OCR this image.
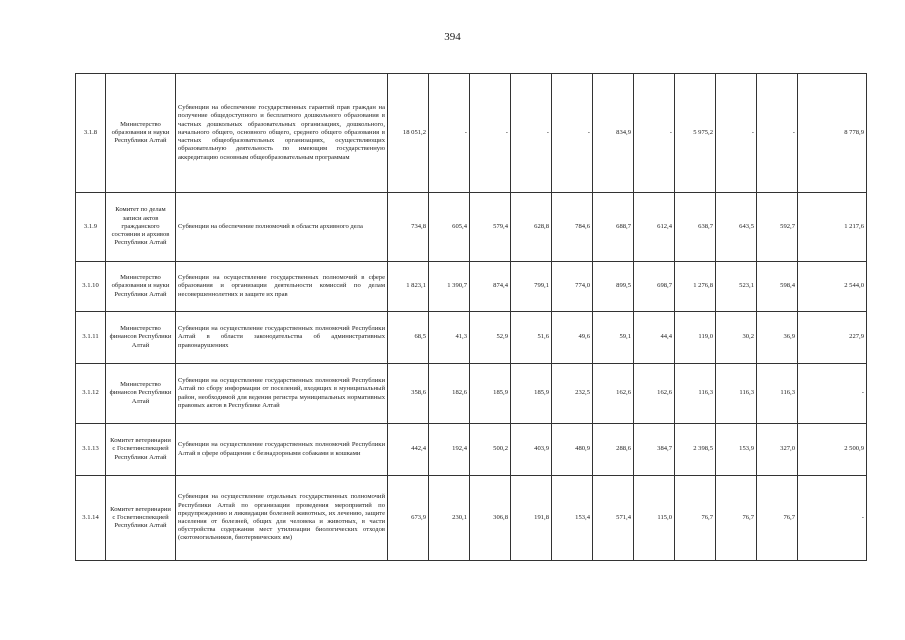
394
3.1.8	Министерство образования и науки Республики Алтай	Субвенции на обеспечение государственных гарантий прав граждан на получение общедоступного и бесплатного дошкольного образования в частных дошкольных образовательных организациях, дошкольного, начального общего, основного общего, среднего общего образования в частных общеобразовательных организациях, осуществляющих образовательную деятельность по имеющим государственную аккредитацию основным общеобразовательным программам	18 051,2	-	-	-	-	834,9	-	5 975,2	-	-	8 778,9
3.1.9	Комитет по делам записи актов гражданского состояния и архивов Республики Алтай	Субвенции на обеспечение полномочий в области архивного дела	734,8	605,4	579,4	628,8	784,6	688,7	612,4	638,7	643,5	592,7	1 217,6
3.1.10	Министерство образования и науки Республики Алтай	Субвенции на осуществление государственных полномочий в сфере образования и организации деятельности комиссий по делам несовершеннолетних и защите их прав	1 823,1	1 390,7	874,4	799,1	774,0	899,5	698,7	1 276,8	523,1	598,4	2 544,0
3.1.11	Министерство финансов Республики Алтай	Субвенции на осуществление государственных полномочий Республики Алтай в области законодательства об административных правонарушениях	68,5	41,3	52,9	51,6	49,6	59,1	44,4	119,0	30,2	36,9	227,9
3.1.12	Министерство финансов Республики Алтай	Субвенции на осуществление государственных полномочий Республики Алтай по сбору информации от поселений, входящих в муниципальный район, необходимой для ведения регистра муниципальных нормативных правовых актов в Республике Алтай	358,6	182,6	185,9	185,9	232,5	162,6	162,6	116,3	116,3	116,3	-
3.1.13	Комитет ветеринарии с Госветинспекцией Республики Алтай	Субвенции на осуществление государственных полномочий Республики Алтай в сфере обращения с безнадзорными собаками и кошками	442,4	192,4	500,2	403,9	480,9	288,6	384,7	2 398,5	153,9	327,0	2 500,9
3.1.14	Комитет ветеринарии с Госветинспекцией Республики Алтай	Субвенция на осуществление отдельных государственных полномочий Республики Алтай по организации проведения мероприятий по предупреждению и ликвидации болезней животных, их лечению, защите населения от болезней, общих для человека и животных, в части обустройства содержания мест утилизации биологических отходов (скотомогильников, биотермических ям)	673,9	230,1	306,8	191,8	153,4	571,4	115,0	76,7	76,7	76,7	-
